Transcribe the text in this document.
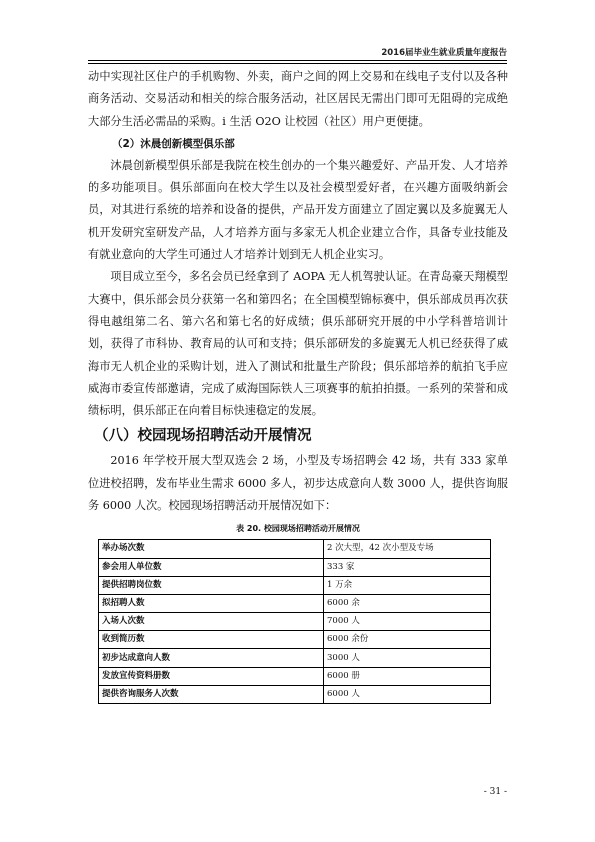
2016届毕业生就业质量年度报告

动中实现社区住户的手机购物、外卖，商户之间的网上交易和在线电子支付以及各种商务活动、交易活动和相关的综合服务活动，社区居民无需出门即可无阻碍的完成绝大部分生活必需品的采购。i 生活 O2O 让校园（社区）用户更便捷。

（2）沐晨创新模型俱乐部

沐晨创新模型俱乐部是我院在校生创办的一个集兴趣爱好、产品开发、人才培养的多功能项目。俱乐部面向在校大学生以及社会模型爱好者，在兴趣方面吸纳新会员，对其进行系统的培养和设备的提供，产品开发方面建立了固定翼以及多旋翼无人机开发研究室研发产品，人才培养方面与多家无人机企业建立合作，具备专业技能及有就业意向的大学生可通过人才培养计划到无人机企业实习。

项目成立至今，多名会员已经拿到了 AOPA 无人机驾驶认证。在青岛豪天翔模型大赛中，俱乐部会员分获第一名和第四名；在全国模型锦标赛中，俱乐部成员再次获得电越组第二名、第六名和第七名的好成绩；俱乐部研究开展的中小学科普培训计划，获得了市科协、教育局的认可和支持；俱乐部研发的多旋翼无人机已经获得了威海市无人机企业的采购计划，进入了测试和批量生产阶段；俱乐部培养的航拍飞手应威海市委宣传部邀请，完成了威海国际铁人三项赛事的航拍拍摄。一系列的荣誉和成绩标明，俱乐部正在向着目标快速稳定的发展。

（八）校园现场招聘活动开展情况

2016 年学校开展大型双选会 2 场，小型及专场招聘会 42 场，共有 333 家单位进校招聘，发布毕业生需求 6000 多人，初步达成意向人数 3000 人，提供咨询服务 6000 人次。校园现场招聘活动开展情况如下：

表 20. 校园现场招聘活动开展情况
举办场次数	2 次大型，42 次小型及专场
参会用人单位数	333 家
提供招聘岗位数	1 万余
拟招聘人数	6000 余
入场人次数	7000 人
收到简历数	6000 余份
初步达成意向人数	3000 人
发放宣传资料册数	6000 册
提供咨询服务人次数	6000 人
- 31 -
